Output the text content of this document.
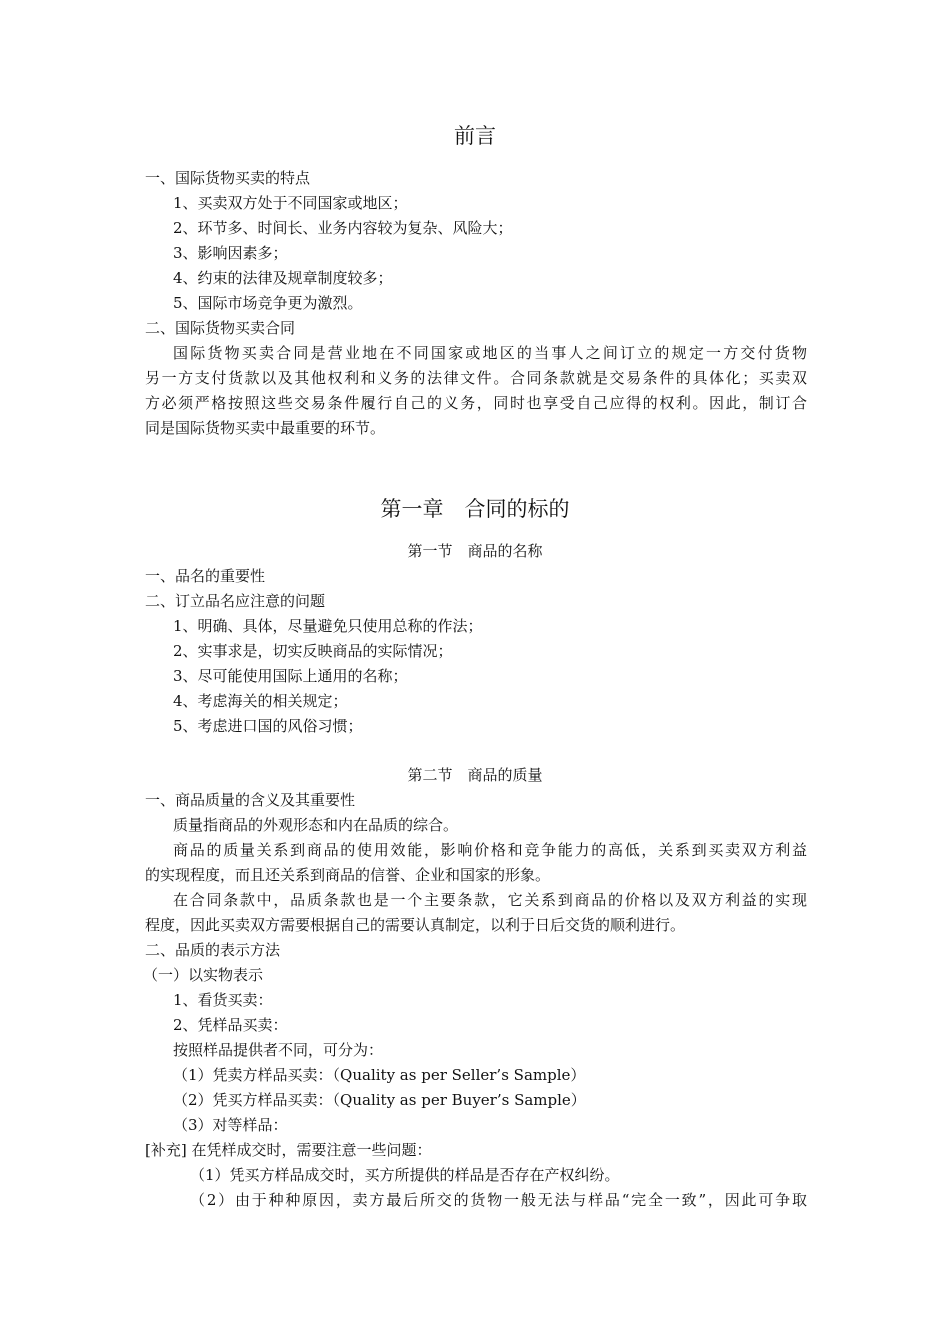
前言
一、国际货物买卖的特点
1、买卖双方处于不同国家或地区；
2、环节多、时间长、业务内容较为复杂、风险大；
3、影响因素多；
4、约束的法律及规章制度较多；
5、国际市场竞争更为激烈。
二、国际货物买卖合同
国际货物买卖合同是营业地在不同国家或地区的当事人之间订立的规定一方交付货物
另一方支付货款以及其他权利和义务的法律文件。合同条款就是交易条件的具体化；买卖双
方必须严格按照这些交易条件履行自己的义务，同时也享受自己应得的权利。因此，制订合
同是国际货物买卖中最重要的环节。
第一章　合同的标的
第一节　商品的名称
一、品名的重要性
二、订立品名应注意的问题
1、明确、具体，尽量避免只使用总称的作法；
2、实事求是，切实反映商品的实际情况；
3、尽可能使用国际上通用的名称；
4、考虑海关的相关规定；
5、考虑进口国的风俗习惯；
第二节　商品的质量
一、商品质量的含义及其重要性
质量指商品的外观形态和内在品质的综合。
商品的质量关系到商品的使用效能，影响价格和竞争能力的高低，关系到买卖双方利益
的实现程度，而且还关系到商品的信誉、企业和国家的形象。
在合同条款中，品质条款也是一个主要条款，它关系到商品的价格以及双方利益的实现
程度，因此买卖双方需要根据自己的需要认真制定，以利于日后交货的顺利进行。
二、品质的表示方法
（一）以实物表示
1、看货买卖：
2、凭样品买卖：
按照样品提供者不同，可分为：
（1）凭卖方样品买卖：（Quality as per Seller’s Sample）
（2）凭买方样品买卖：（Quality as per Buyer’s Sample）
（3）对等样品：
[补充] 在凭样成交时，需要注意一些问题：
（1）凭买方样品成交时，买方所提供的样品是否存在产权纠纷。
（2）由于种种原因，卖方最后所交的货物一般无法与样品“完全一致”，因此可争取
